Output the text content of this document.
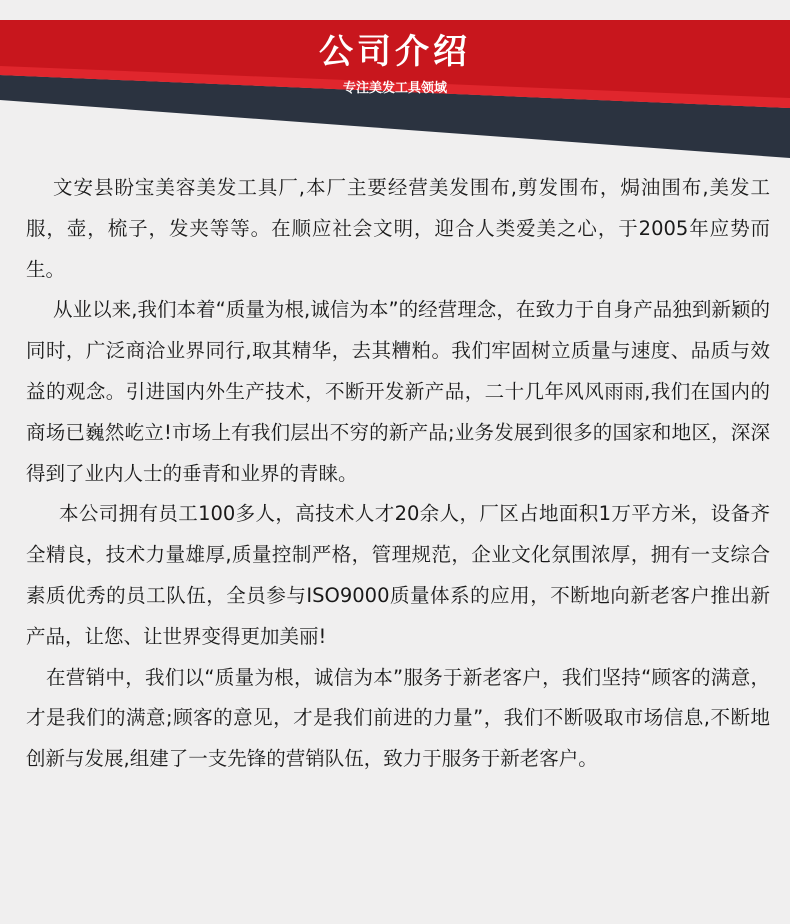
公司介绍
专注美发工具领域

文安县盼宝美容美发工具厂,本厂主要经营美发围布,剪发围布，焗油围布,美发工服，壶，梳子，发夹等等。在顺应社会文明，迎合人类爱美之心，于2005年应势而生。

从业以来,我们本着“质量为根,诚信为本”的经营理念，在致力于自身产品独到新颖的同时，广泛商洽业界同行,取其精华，去其糟粕。我们牢固树立质量与速度、品质与效益的观念。引进国内外生产技术，不断开发新产品，二十几年风风雨雨,我们在国内的商场已巍然屹立!市场上有我们层出不穷的新产品;业务发展到很多的国家和地区，深深得到了业内人士的垂青和业界的青睐。

本公司拥有员工100多人，高技术人才20余人，厂区占地面积1万平方米，设备齐全精良，技术力量雄厚,质量控制严格，管理规范，企业文化氛围浓厚，拥有一支综合素质优秀的员工队伍，全员参与ISO9000质量体系的应用，不断地向新老客户推出新产品，让您、让世界变得更加美丽!

在营销中，我们以“质量为根，诚信为本”服务于新老客户，我们坚持“顾客的满意，才是我们的满意;顾客的意见，才是我们前进的力量”，我们不断吸取市场信息,不断地创新与发展,组建了一支先锋的营销队伍，致力于服务于新老客户。
